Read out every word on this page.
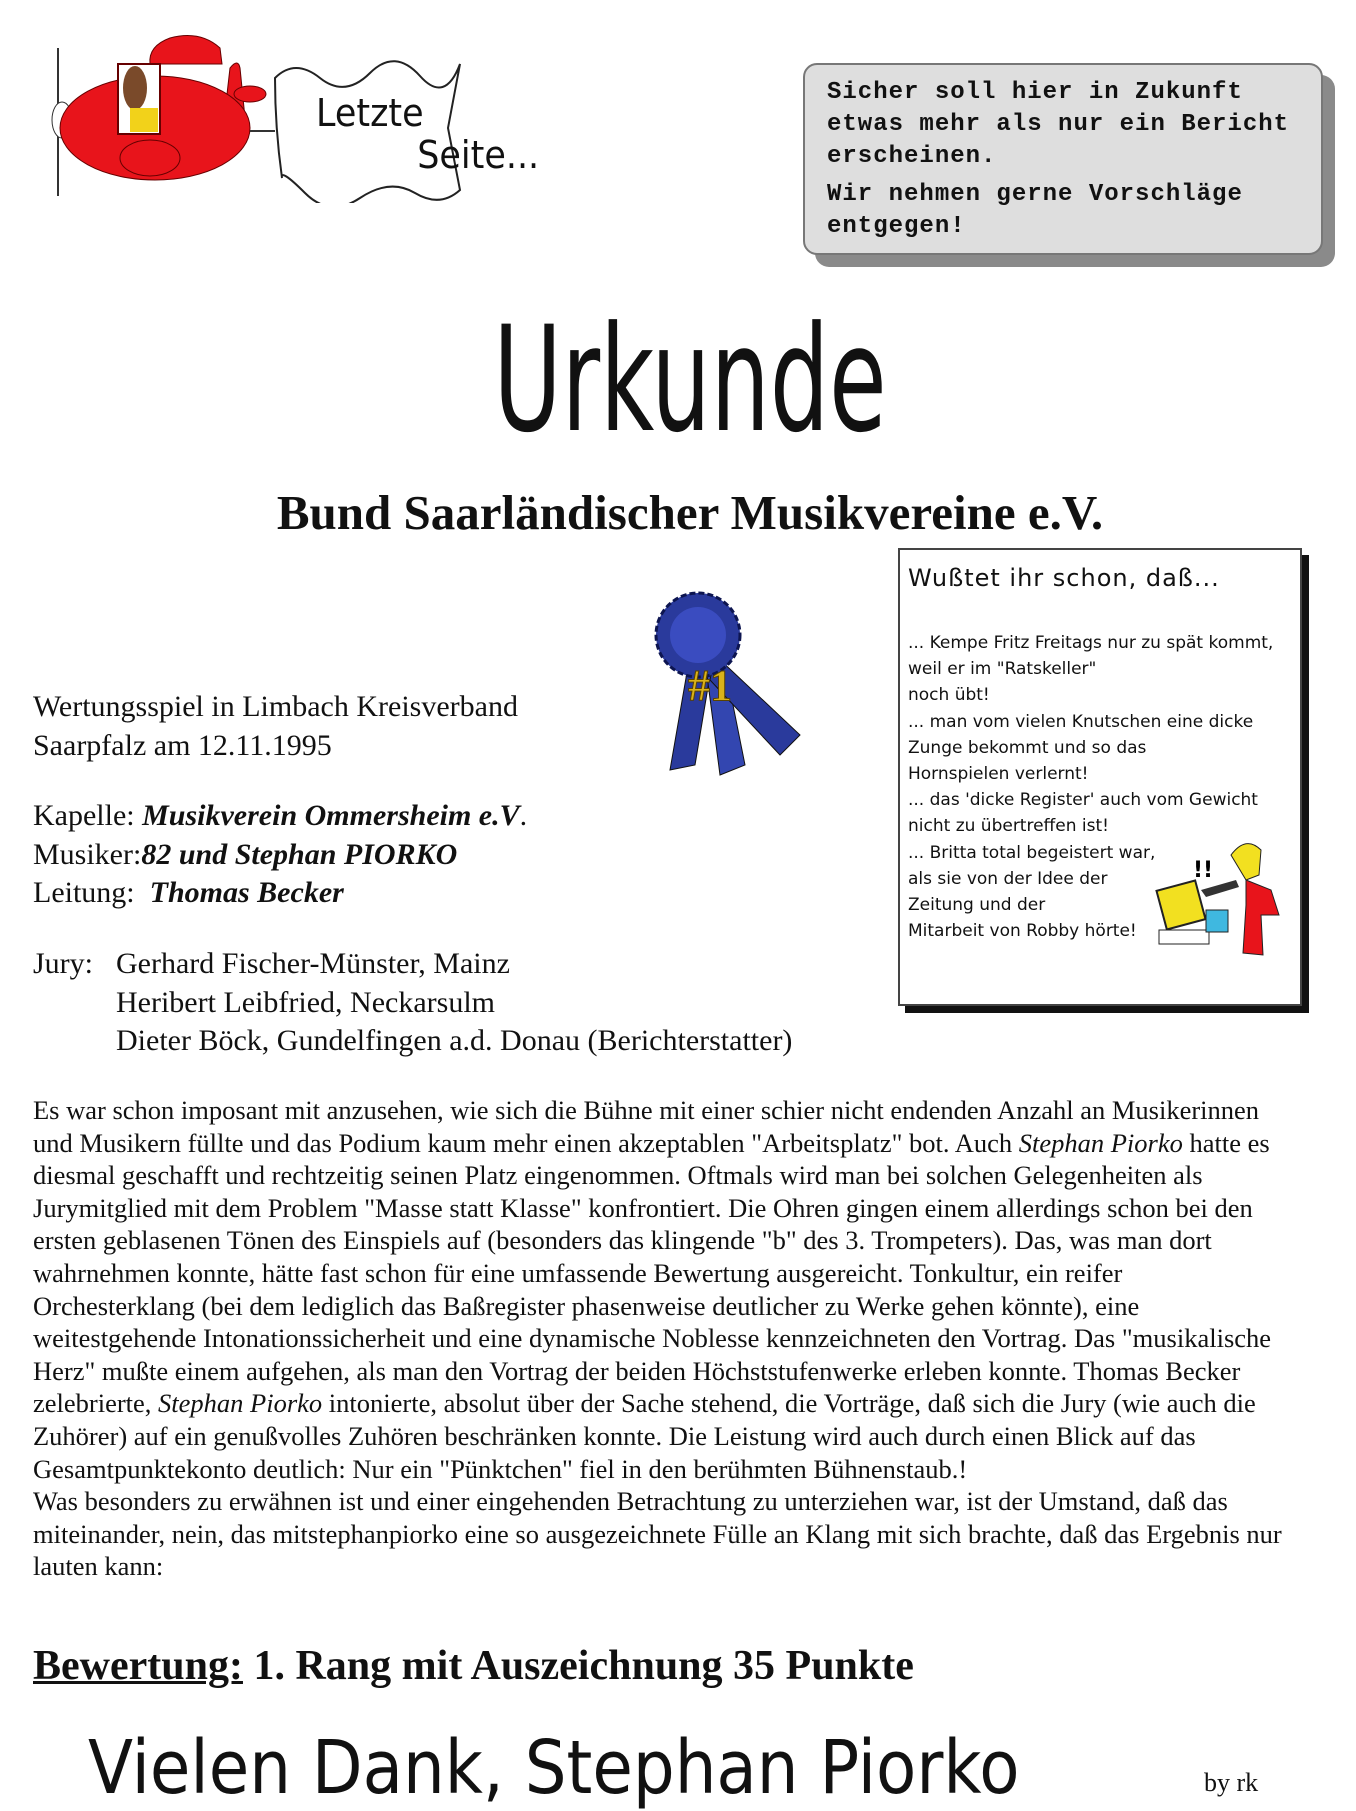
Letzte
Seite...

Sicher soll hier in Zukunft etwas mehr als nur ein Bericht erscheinen.

Wir nehmen gerne Vorschläge entgegen!

Urkunde
Bund Saarländischer Musikvereine e.V.
#1
Wertungsspiel in Limbach Kreisverband
Saarpfalz am 12.11.1995
Kapelle: Musikverein Ommersheim e.V.
Musiker:82 und Stephan PIORKO
Leitung:  Thomas Becker
Jury: Gerhard Fischer-Münster, Mainz
Heribert Leibfried, Neckarsulm
Dieter Böck, Gundelfingen a.d. Donau (Berichterstatter)
Wußtet ihr schon, daß...
... Kempe Fritz Freitags nur zu spät kommt,
weil er im "Ratskeller"
noch übt!
... man vom vielen Knutschen eine dicke
Zunge bekommt und so das
Hornspielen verlernt!
... das 'dicke Register' auch vom Gewicht
nicht zu übertreffen ist!
... Britta total begeistert war,
als sie von der Idee der
Zeitung und der
Mitarbeit von Robby hörte!
!!
Es war schon imposant mit anzusehen, wie sich die Bühne mit einer schier nicht endenden Anzahl an Musikerinnen
und Musikern füllte und das Podium kaum mehr einen akzeptablen "Arbeitsplatz" bot. Auch Stephan Piorko hatte es
diesmal geschafft und rechtzeitig seinen Platz eingenommen. Oftmals wird man bei solchen Gelegenheiten als
Jurymitglied mit dem Problem "Masse statt Klasse" konfrontiert. Die Ohren gingen einem allerdings schon bei den
ersten geblasenen Tönen des Einspiels auf (besonders das klingende "b" des 3. Trompeters). Das, was man dort
wahrnehmen konnte, hätte fast schon für eine umfassende Bewertung ausgereicht. Tonkultur, ein reifer
Orchesterklang (bei dem lediglich das Baßregister phasenweise deutlicher zu Werke gehen könnte), eine
weitestgehende Intonationssicherheit und eine dynamische Noblesse kennzeichneten den Vortrag. Das "musikalische
Herz" mußte einem aufgehen, als man den Vortrag der beiden Höchststufenwerke erleben konnte. Thomas Becker
zelebrierte, Stephan Piorko intonierte, absolut über der Sache stehend, die Vorträge, daß sich die Jury (wie auch die
Zuhörer) auf ein genußvolles Zuhören beschränken konnte. Die Leistung wird auch durch einen Blick auf das
Gesamtpunktekonto deutlich: Nur ein "Pünktchen" fiel in den berühmten Bühnenstaub.!
Was besonders zu erwähnen ist und einer eingehenden Betrachtung zu unterziehen war, ist der Umstand, daß das
miteinander, nein, das mitstephanpiorko eine so ausgezeichnete Fülle an Klang mit sich brachte, daß das Ergebnis nur
lauten kann:
Bewertung: 1. Rang mit Auszeichnung 35 Punkte
Vielen Dank, Stephan Piorko	by rk
